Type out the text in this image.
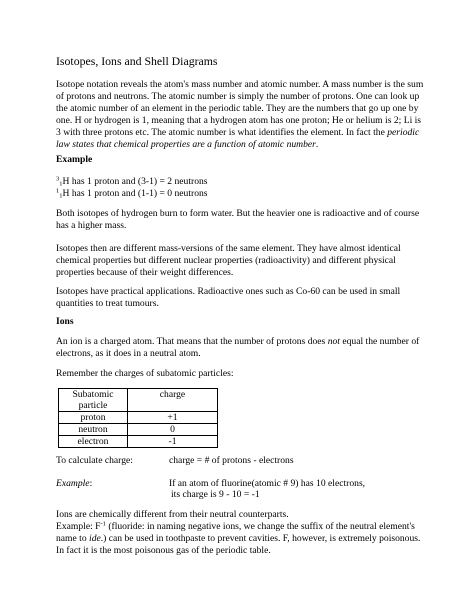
Isotopes, Ions and Shell Diagrams
Isotope notation reveals the atom's mass number and atomic number. A mass number is the sum of protons and neutrons. The atomic number is simply the number of protons. One can look up the atomic number of an element in the periodic table. They are the numbers that go up one by one. H or hydrogen is 1, meaning that a hydrogen atom has one proton; He or helium is 2; Li is 3 with three protons etc. The atomic number is what identifies the element. In fact the periodic law states that chemical properties are a function of atomic number.
Example
$^3_1$H has 1 proton and (3-1) = 2 neutrons
$^1_1$H has 1 proton and (1-1) = 0 neutrons
Both isotopes of hydrogen burn to form water. But the heavier one is radioactive and of course has a higher mass.
Isotopes then are different mass-versions of the same element. They have almost identical chemical properties but different nuclear properties (radioactivity) and different physical properties because of their weight differences.
Isotopes have practical applications. Radioactive ones such as Co-60 can be used in small quantities to treat tumours.
Ions
An ion is a charged atom. That means that the number of protons does not equal the number of electrons, as it does in a neutral atom.
Remember the charges of subatomic particles:
Subatomic particle	charge
proton	+1
neutron	0
electron	-1
To calculate charge:	charge = # of protons - electrons
Example:	If an atom of fluorine(atomic # 9) has 10 electrons,
its charge is 9 - 10 = -1
Ions are chemically different from their neutral counterparts.
Example: $F^{-1}$ (fluoride: in naming negative ions, we change the suffix of the neutral element's name to ide.) can be used in toothpaste to prevent cavities. F, however, is extremely poisonous. In fact it is the most poisonous gas of the periodic table.
